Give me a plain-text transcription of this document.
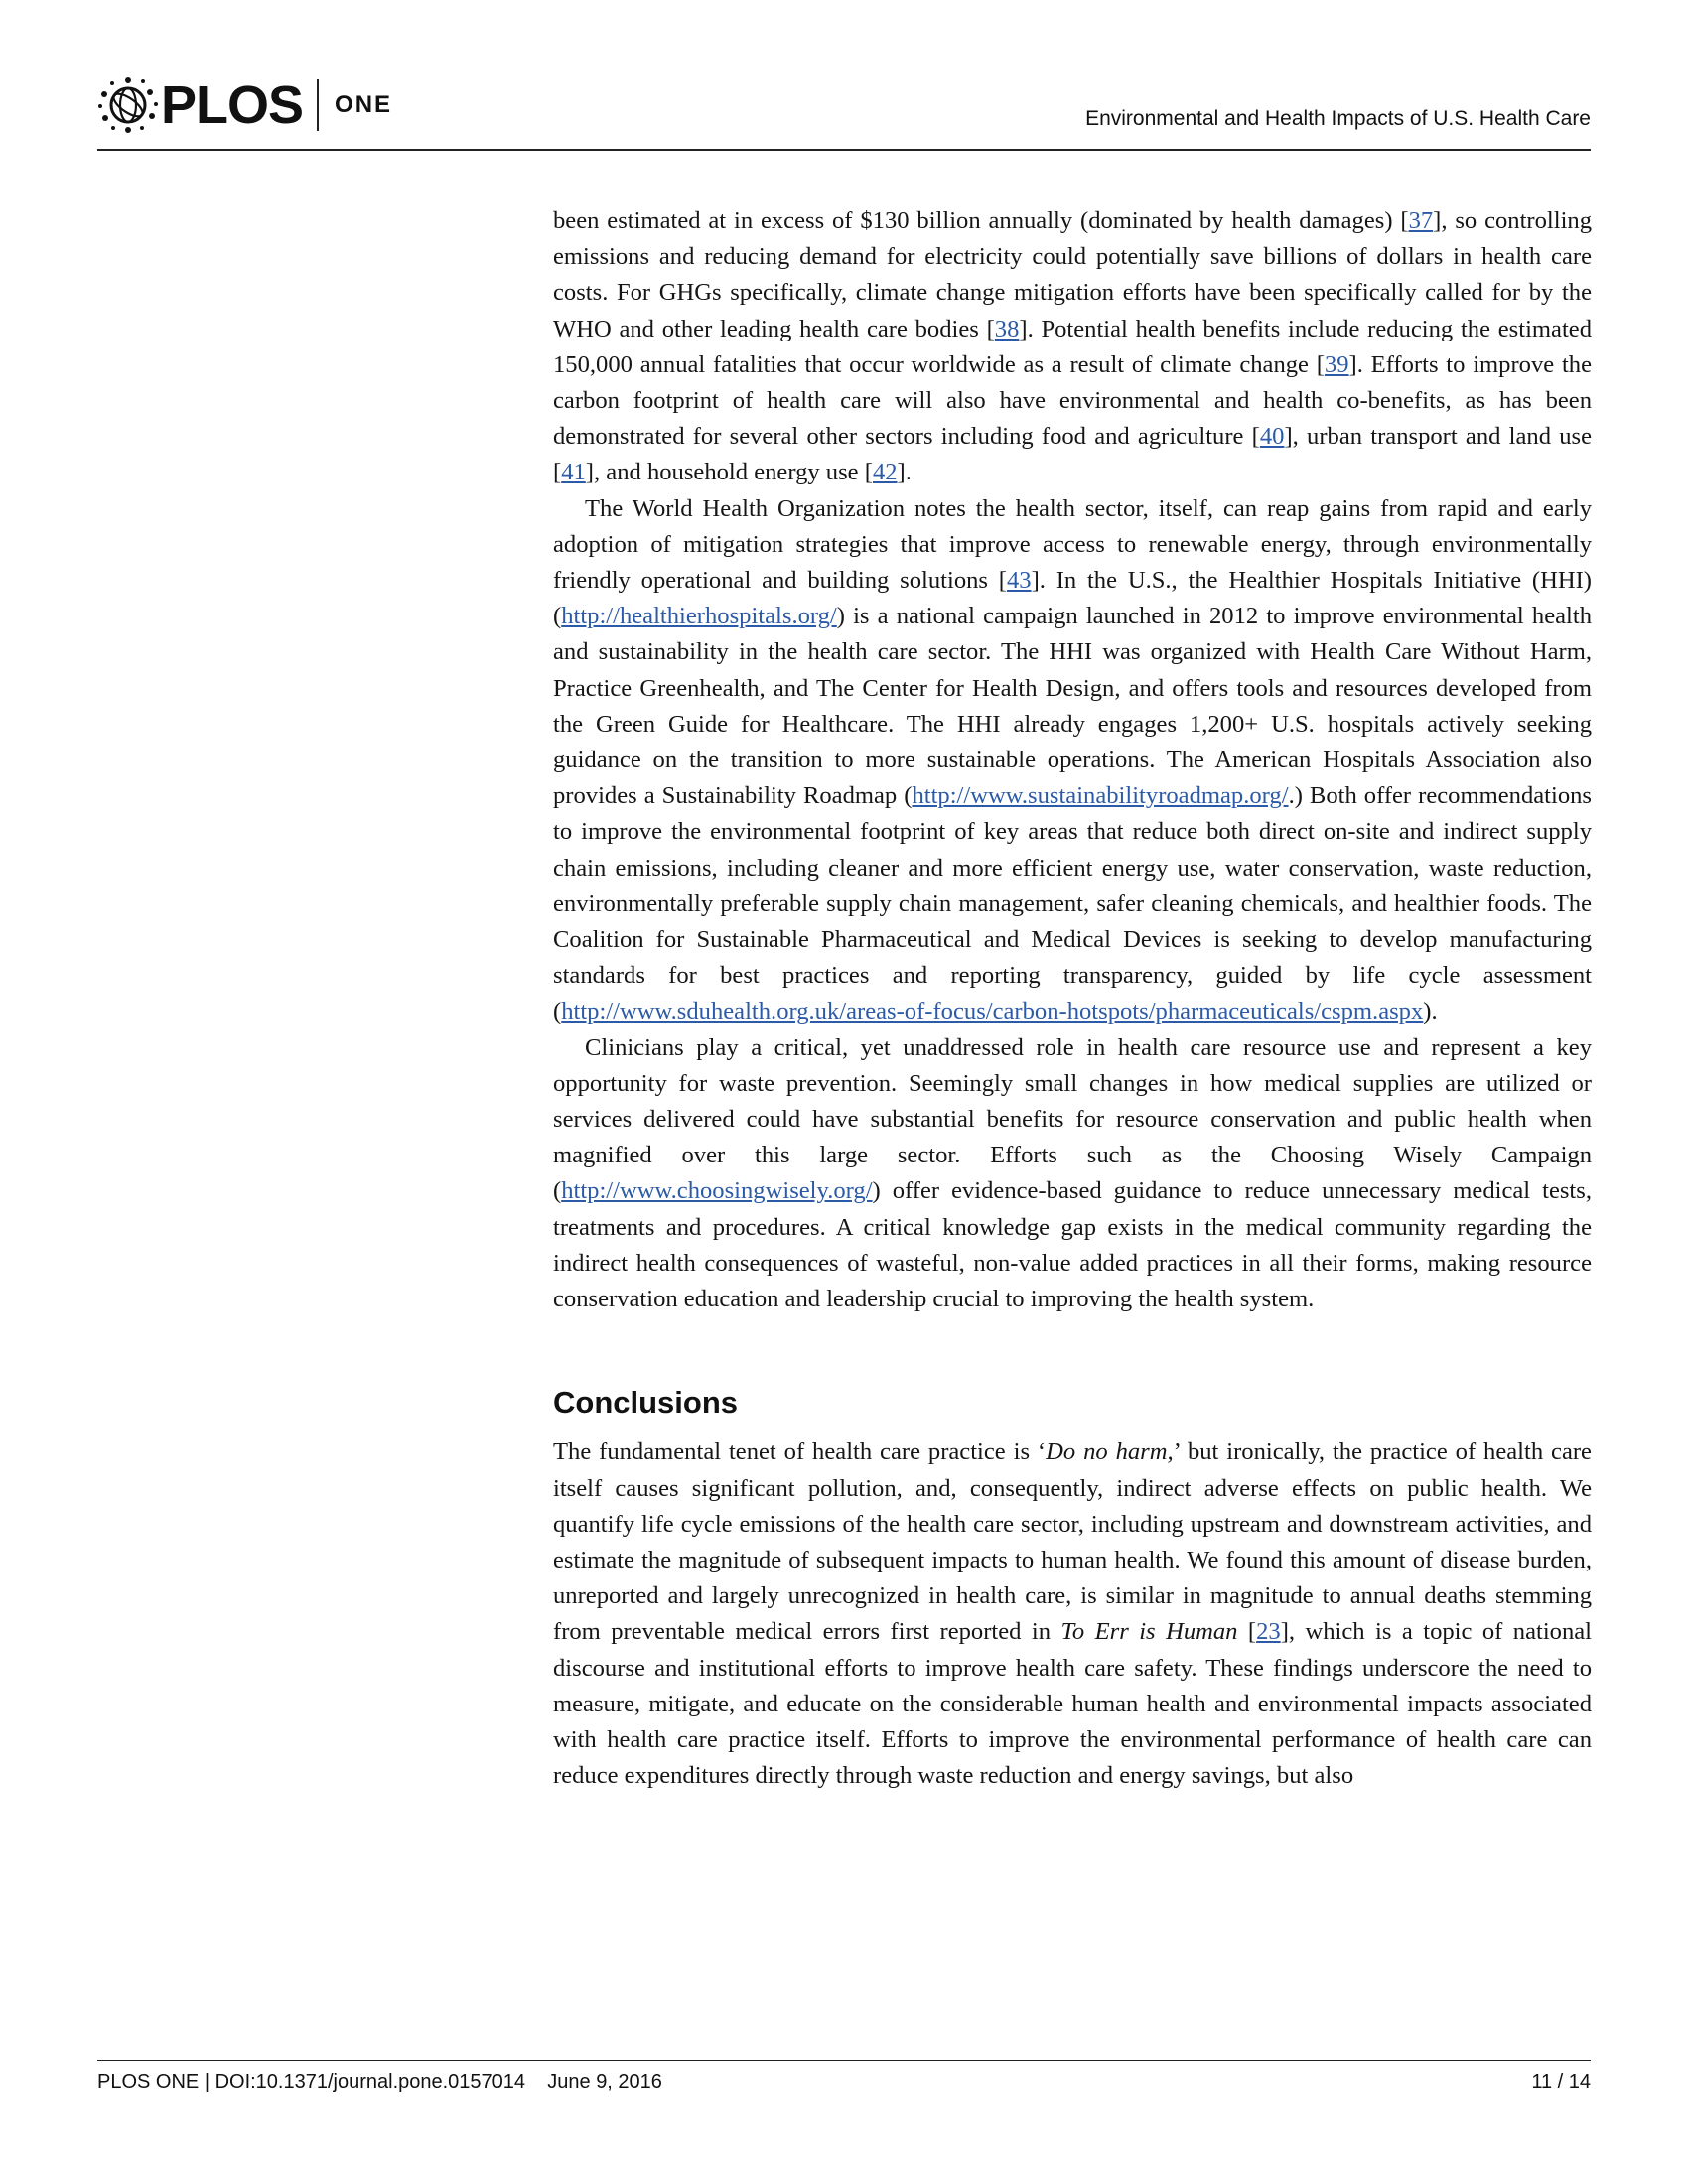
PLOS ONE
Environmental and Health Impacts of U.S. Health Care

been estimated at in excess of $130 billion annually (dominated by health damages) [37], so controlling emissions and reducing demand for electricity could potentially save billions of dollars in health care costs. For GHGs specifically, climate change mitigation efforts have been specifically called for by the WHO and other leading health care bodies [38]. Potential health benefits include reducing the estimated 150,000 annual fatalities that occur worldwide as a result of climate change [39]. Efforts to improve the carbon footprint of health care will also have environmental and health co-benefits, as has been demonstrated for several other sectors including food and agriculture [40], urban transport and land use [41], and household energy use [42].

The World Health Organization notes the health sector, itself, can reap gains from rapid and early adoption of mitigation strategies that improve access to renewable energy, through environmentally friendly operational and building solutions [43]. In the U.S., the Healthier Hospitals Initiative (HHI) (http://healthierhospitals.org/) is a national campaign launched in 2012 to improve environmental health and sustainability in the health care sector. The HHI was organized with Health Care Without Harm, Practice Greenhealth, and The Center for Health Design, and offers tools and resources developed from the Green Guide for Healthcare. The HHI already engages 1,200+ U.S. hospitals actively seeking guidance on the transition to more sustainable operations. The American Hospitals Association also provides a Sustainability Roadmap (http://www.sustainabilityroadmap.org/.) Both offer recommendations to improve the environmental footprint of key areas that reduce both direct on-site and indirect supply chain emissions, including cleaner and more efficient energy use, water conservation, waste reduction, environmentally preferable supply chain management, safer cleaning chemicals, and healthier foods. The Coalition for Sustainable Pharmaceutical and Medical Devices is seeking to develop manufacturing standards for best practices and reporting transparency, guided by life cycle assessment (http://www.sduhealth.org.uk/areas-of-focus/carbon-hotspots/pharmaceuticals/cspm.aspx).

Clinicians play a critical, yet unaddressed role in health care resource use and represent a key opportunity for waste prevention. Seemingly small changes in how medical supplies are utilized or services delivered could have substantial benefits for resource conservation and public health when magnified over this large sector. Efforts such as the Choosing Wisely Campaign (http://www.choosingwisely.org/) offer evidence-based guidance to reduce unnecessary medical tests, treatments and procedures. A critical knowledge gap exists in the medical community regarding the indirect health consequences of wasteful, non-value added practices in all their forms, making resource conservation education and leadership crucial to improving the health system.

Conclusions

The fundamental tenet of health care practice is ‘Do no harm,’ but ironically, the practice of health care itself causes significant pollution, and, consequently, indirect adverse effects on public health. We quantify life cycle emissions of the health care sector, including upstream and downstream activities, and estimate the magnitude of subsequent impacts to human health. We found this amount of disease burden, unreported and largely unrecognized in health care, is similar in magnitude to annual deaths stemming from preventable medical errors first reported in To Err is Human [23], which is a topic of national discourse and institutional efforts to improve health care safety. These findings underscore the need to measure, mitigate, and educate on the considerable human health and environmental impacts associated with health care practice itself. Efforts to improve the environmental performance of health care can reduce expenditures directly through waste reduction and energy savings, but also

PLOS ONE | DOI:10.1371/journal.pone.0157014    June 9, 2016	11 / 14
